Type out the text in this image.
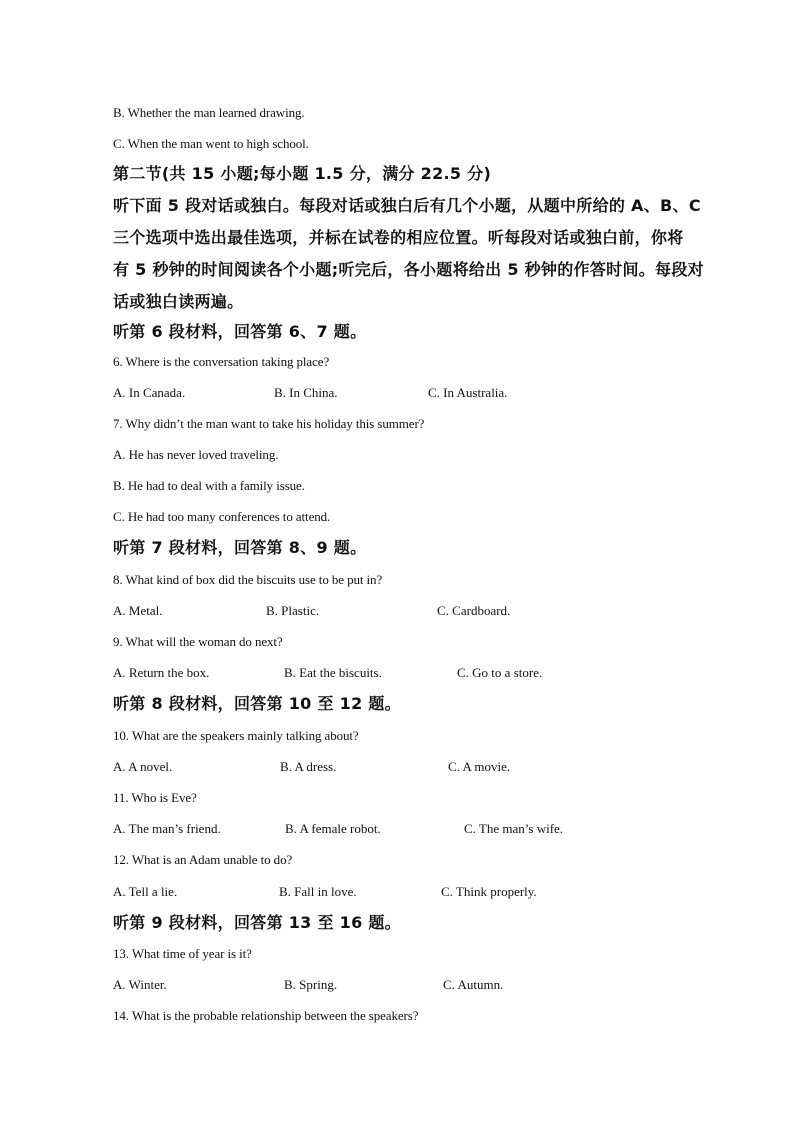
B. Whether the man learned drawing.
C. When the man went to high school.
第二节(共 15 小题;每小题 1.5 分，满分 22.5 分)
听下面 5 段对话或独白。每段对话或独白后有几个小题，从题中所给的 A、B、C
三个选项中选出最佳选项，并标在试卷的相应位置。听每段对话或独白前，你将
有 5 秒钟的时间阅读各个小题;听完后，各小题将给出 5 秒钟的作答时间。每段对
话或独白读两遍。
听第 6 段材料，回答第 6、7 题。
6. Where is the conversation taking place?
A. In Canada.	B. In China.	C. In Australia.
7. Why didn’t the man want to take his holiday this summer?
A. He has never loved traveling.
B. He had to deal with a family issue.
C. He had too many conferences to attend.
听第 7 段材料，回答第 8、9 题。
8. What kind of box did the biscuits use to be put in?
A. Metal.	B. Plastic.	C. Cardboard.
9. What will the woman do next?
A. Return the box.	B. Eat the biscuits.	C. Go to a store.
听第 8 段材料，回答第 10 至 12 题。
10. What are the speakers mainly talking about?
A. A novel.	B. A dress.	C. A movie.
11. Who is Eve?
A. The man’s friend.	B. A female robot.	C. The man’s wife.
12. What is an Adam unable to do?
A. Tell a lie.	B. Fall in love.	C. Think properly.
听第 9 段材料，回答第 13 至 16 题。
13. What time of year is it?
A. Winter.	B. Spring.	C. Autumn.
14. What is the probable relationship between the speakers?
